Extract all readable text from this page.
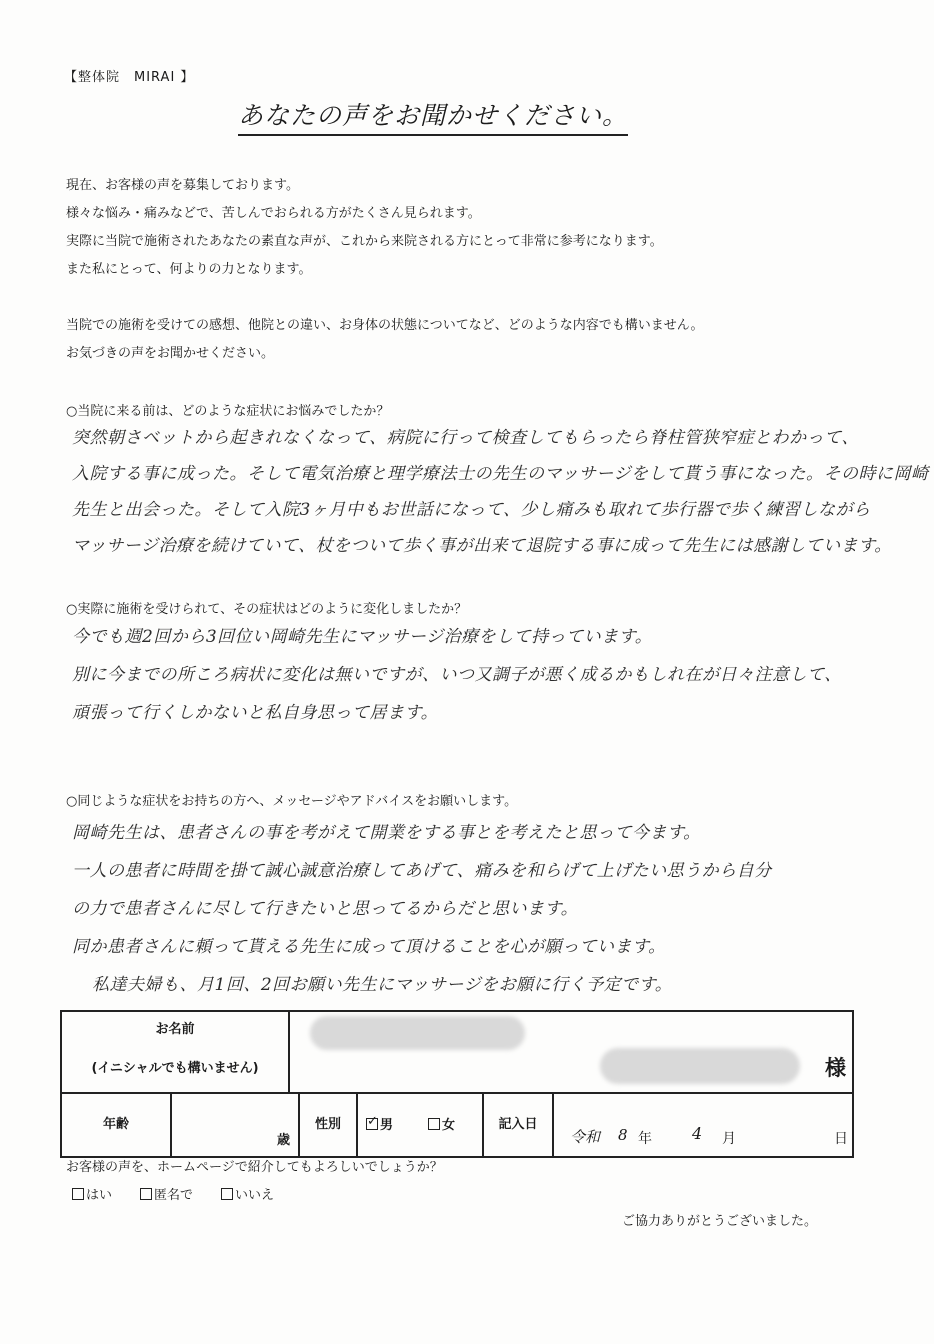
【整体院　MIRAI 】
あなたの声をお聞かせください。

現在、お客様の声を募集しております。

様々な悩み・痛みなどで、苦しんでおられる方がたくさん見られます。

実際に当院で施術されたあなたの素直な声が、これから来院される方にとって非常に参考になります。

また私にとって、何よりの力となります。

当院での施術を受けての感想、他院との違い、お身体の状態についてなど、どのような内容でも構いません。

お気づきの声をお聞かせください。

○当院に来る前は、どのような症状にお悩みでしたか？

突然朝さベットから起きれなくなって、病院に行って検査してもらったら脊柱管狭窄症とわかって、

入院する事に成った。そして電気治療と理学療法士の先生のマッサージをして貰う事になった。その時に岡崎

先生と出会った。そして入院3ヶ月中もお世話になって、少し痛みも取れて歩行器で歩く練習しながら

マッサージ治療を続けていて、杖をついて歩く事が出来て退院する事に成って先生には感謝しています。

○実際に施術を受けられて、その症状はどのように変化しましたか？

今でも週2回から3回位い岡崎先生にマッサージ治療をして持っています。

別に今までの所ころ病状に変化は無いですが、いつ又調子が悪く成るかもしれ在が日々注意して、

頑張って行くしかないと私自身思って居ます。

○同じような症状をお持ちの方へ、メッセージやアドバイスをお願いします。

岡崎先生は、患者さんの事を考がえて開業をする事とを考えたと思って今ます。

一人の患者に時間を掛て誠心誠意治療してあげて、痛みを和らげて上げたい思うから自分

の力で患者さんに尽して行きたいと思ってるからだと思います。

同か患者さんに頼って貰える先生に成って頂けることを心が願っています。

私達夫婦も、月1回、2回お願い先生にマッサージをお願に行く予定です。

お名前
(イニシャルでも構いません)	様
年齢
歳
性別
✓	男	女	記入日
令和 8 年	4 月	日
お客様の声を、ホームページで紹介してもよろしいでしょうか？
はい	匿名で	いいえ
ご協力ありがとうございました。
